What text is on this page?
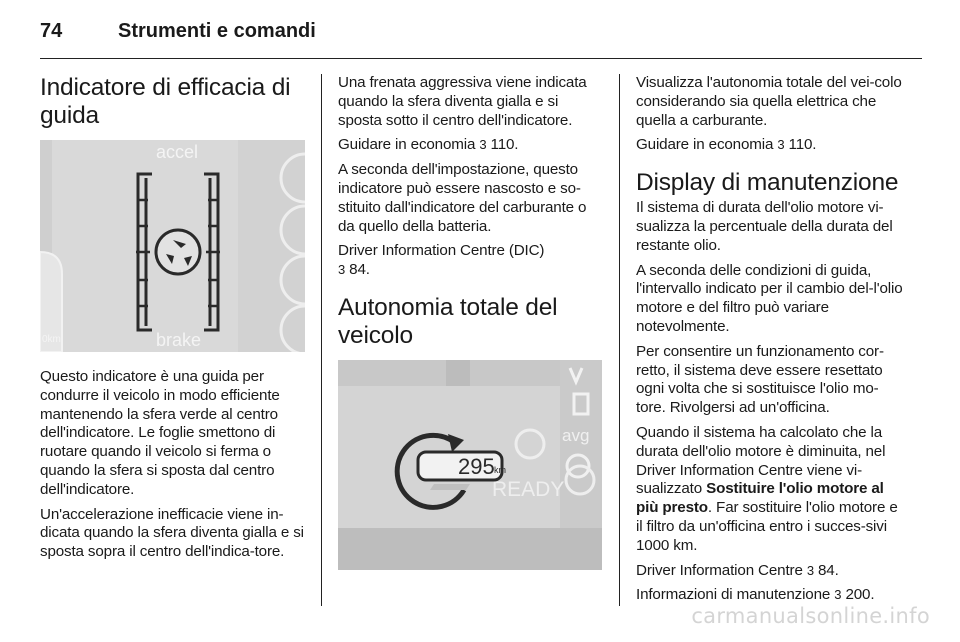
74	Strumenti e comandi
Indicatore di efficacia di guida
accel
brake
0km

Questo indicatore è una guida per condurre il veicolo in modo efficiente mantenendo la sfera verde al centro dell'indicatore. Le foglie smettono di ruotare quando il veicolo si ferma o quando la sfera si sposta dal centro dell'indicatore.

Un'accelerazione inefficacie viene in-dicata quando la sfera diventa gialla e si sposta sopra il centro dell'indica-tore.

Una frenata aggressiva viene indicata quando la sfera diventa gialla e si sposta sotto il centro dell'indicatore.

Guidare in economia 3 110.

A seconda dell'impostazione, questo indicatore può essere nascosto e so-stituito dall'indicatore del carburante o da quello della batteria.

Driver Information Centre (DIC)
3 84.

Autonomia totale del veicolo
295 km
READY
avg

Visualizza l'autonomia totale del vei-colo considerando sia quella elettrica che quella a carburante.

Guidare in economia 3 110.

Display di manutenzione

Il sistema di durata dell'olio motore vi-sualizza la percentuale della durata del restante olio.

A seconda delle condizioni di guida, l'intervallo indicato per il cambio del-l'olio motore e del filtro può variare notevolmente.

Per consentire un funzionamento cor-retto, il sistema deve essere resettato ogni volta che si sostituisce l'olio mo-tore. Rivolgersi ad un'officina.

Quando il sistema ha calcolato che la durata dell'olio motore è diminuita, nel Driver Information Centre viene vi-sualizzato Sostituire l'olio motore al più presto. Far sostituire l'olio motore e il filtro da un'officina entro i succes-sivi 1000 km.

Driver Information Centre 3 84.

Informazioni di manutenzione 3 200.

carmanualsonline.info
